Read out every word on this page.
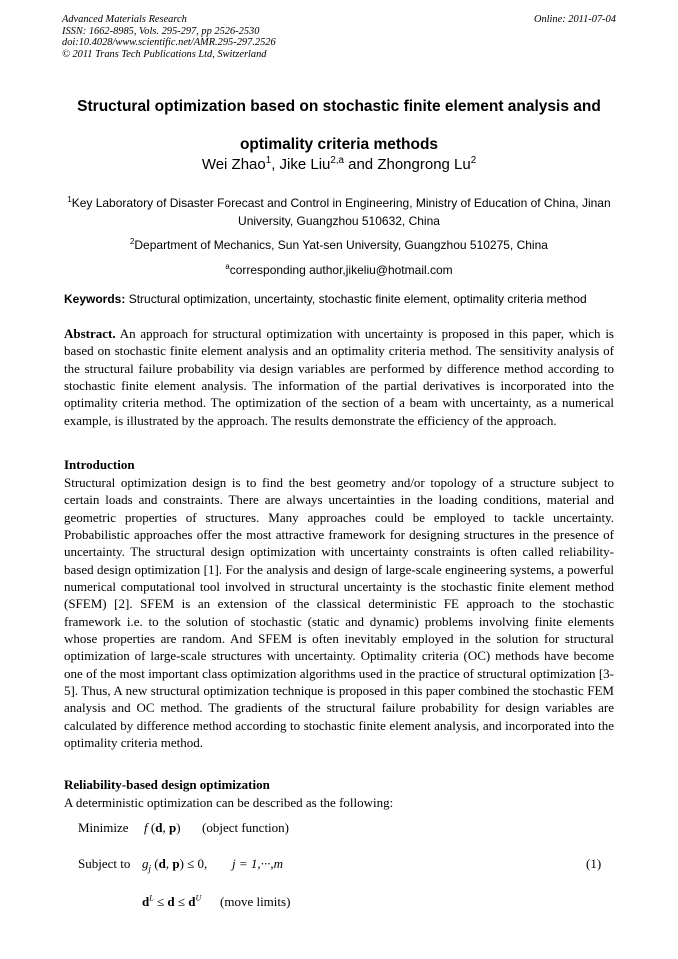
Advanced Materials Research
ISSN: 1662-8985, Vols. 295-297, pp 2526-2530
doi:10.4028/www.scientific.net/AMR.295-297.2526
© 2011 Trans Tech Publications Ltd, Switzerland
Online: 2011-07-04
Structural optimization based on stochastic finite element analysis and optimality criteria methods
Wei Zhao$^1$, Jike Liu$^{2,a}$ and Zhongrong Lu$^2$
$^1$Key Laboratory of Disaster Forecast and Control in Engineering, Ministry of Education of China, Jinan University, Guangzhou 510632, China
$^2$Department of Mechanics, Sun Yat-sen University, Guangzhou 510275, China
$^a$corresponding author,jikeliu@hotmail.com
Keywords: Structural optimization, uncertainty, stochastic finite element, optimality criteria method
Abstract. An approach for structural optimization with uncertainty is proposed in this paper, which is based on stochastic finite element analysis and an optimality criteria method. The sensitivity analysis of the structural failure probability via design variables are performed by difference method according to stochastic finite element analysis. The information of the partial derivatives is incorporated into the optimality criteria method. The optimization of the section of a beam with uncertainty, as a numerical example, is illustrated by the approach. The results demonstrate the efficiency of the approach.
Introduction
Structural optimization design is to find the best geometry and/or topology of a structure subject to certain loads and constraints. There are always uncertainties in the loading conditions, material and geometric properties of structures. Many approaches could be employed to tackle uncertainty. Probabilistic approaches offer the most attractive framework for designing structures in the presence of uncertainty. The structural design optimization with uncertainty constraints is often called reliability-based design optimization [1]. For the analysis and design of large-scale engineering systems, a powerful numerical computational tool involved in structural uncertainty is the stochastic finite element method (SFEM) [2]. SFEM is an extension of the classical deterministic FE approach to the stochastic framework i.e. to the solution of stochastic (static and dynamic) problems involving finite elements whose properties are random. And SFEM is often inevitably employed in the solution for structural optimization of large-scale structures with uncertainty. Optimality criteria (OC) methods have become one of the most important class optimization algorithms used in the practice of structural optimization [3-5]. Thus, A new structural optimization technique is proposed in this paper combined the stochastic FEM analysis and OC method. The gradients of the structural failure probability for design variables are calculated by difference method according to stochastic finite element analysis, and incorporated into the optimality criteria method.
Reliability-based design optimization
A deterministic optimization can be described as the following:
Minimize f (d, p) (object function)
Subject to $g_j$ (d, p) ≤ 0, j = 1,···,m	(1)
$d^L \le d \le d^U$ (move limits)
